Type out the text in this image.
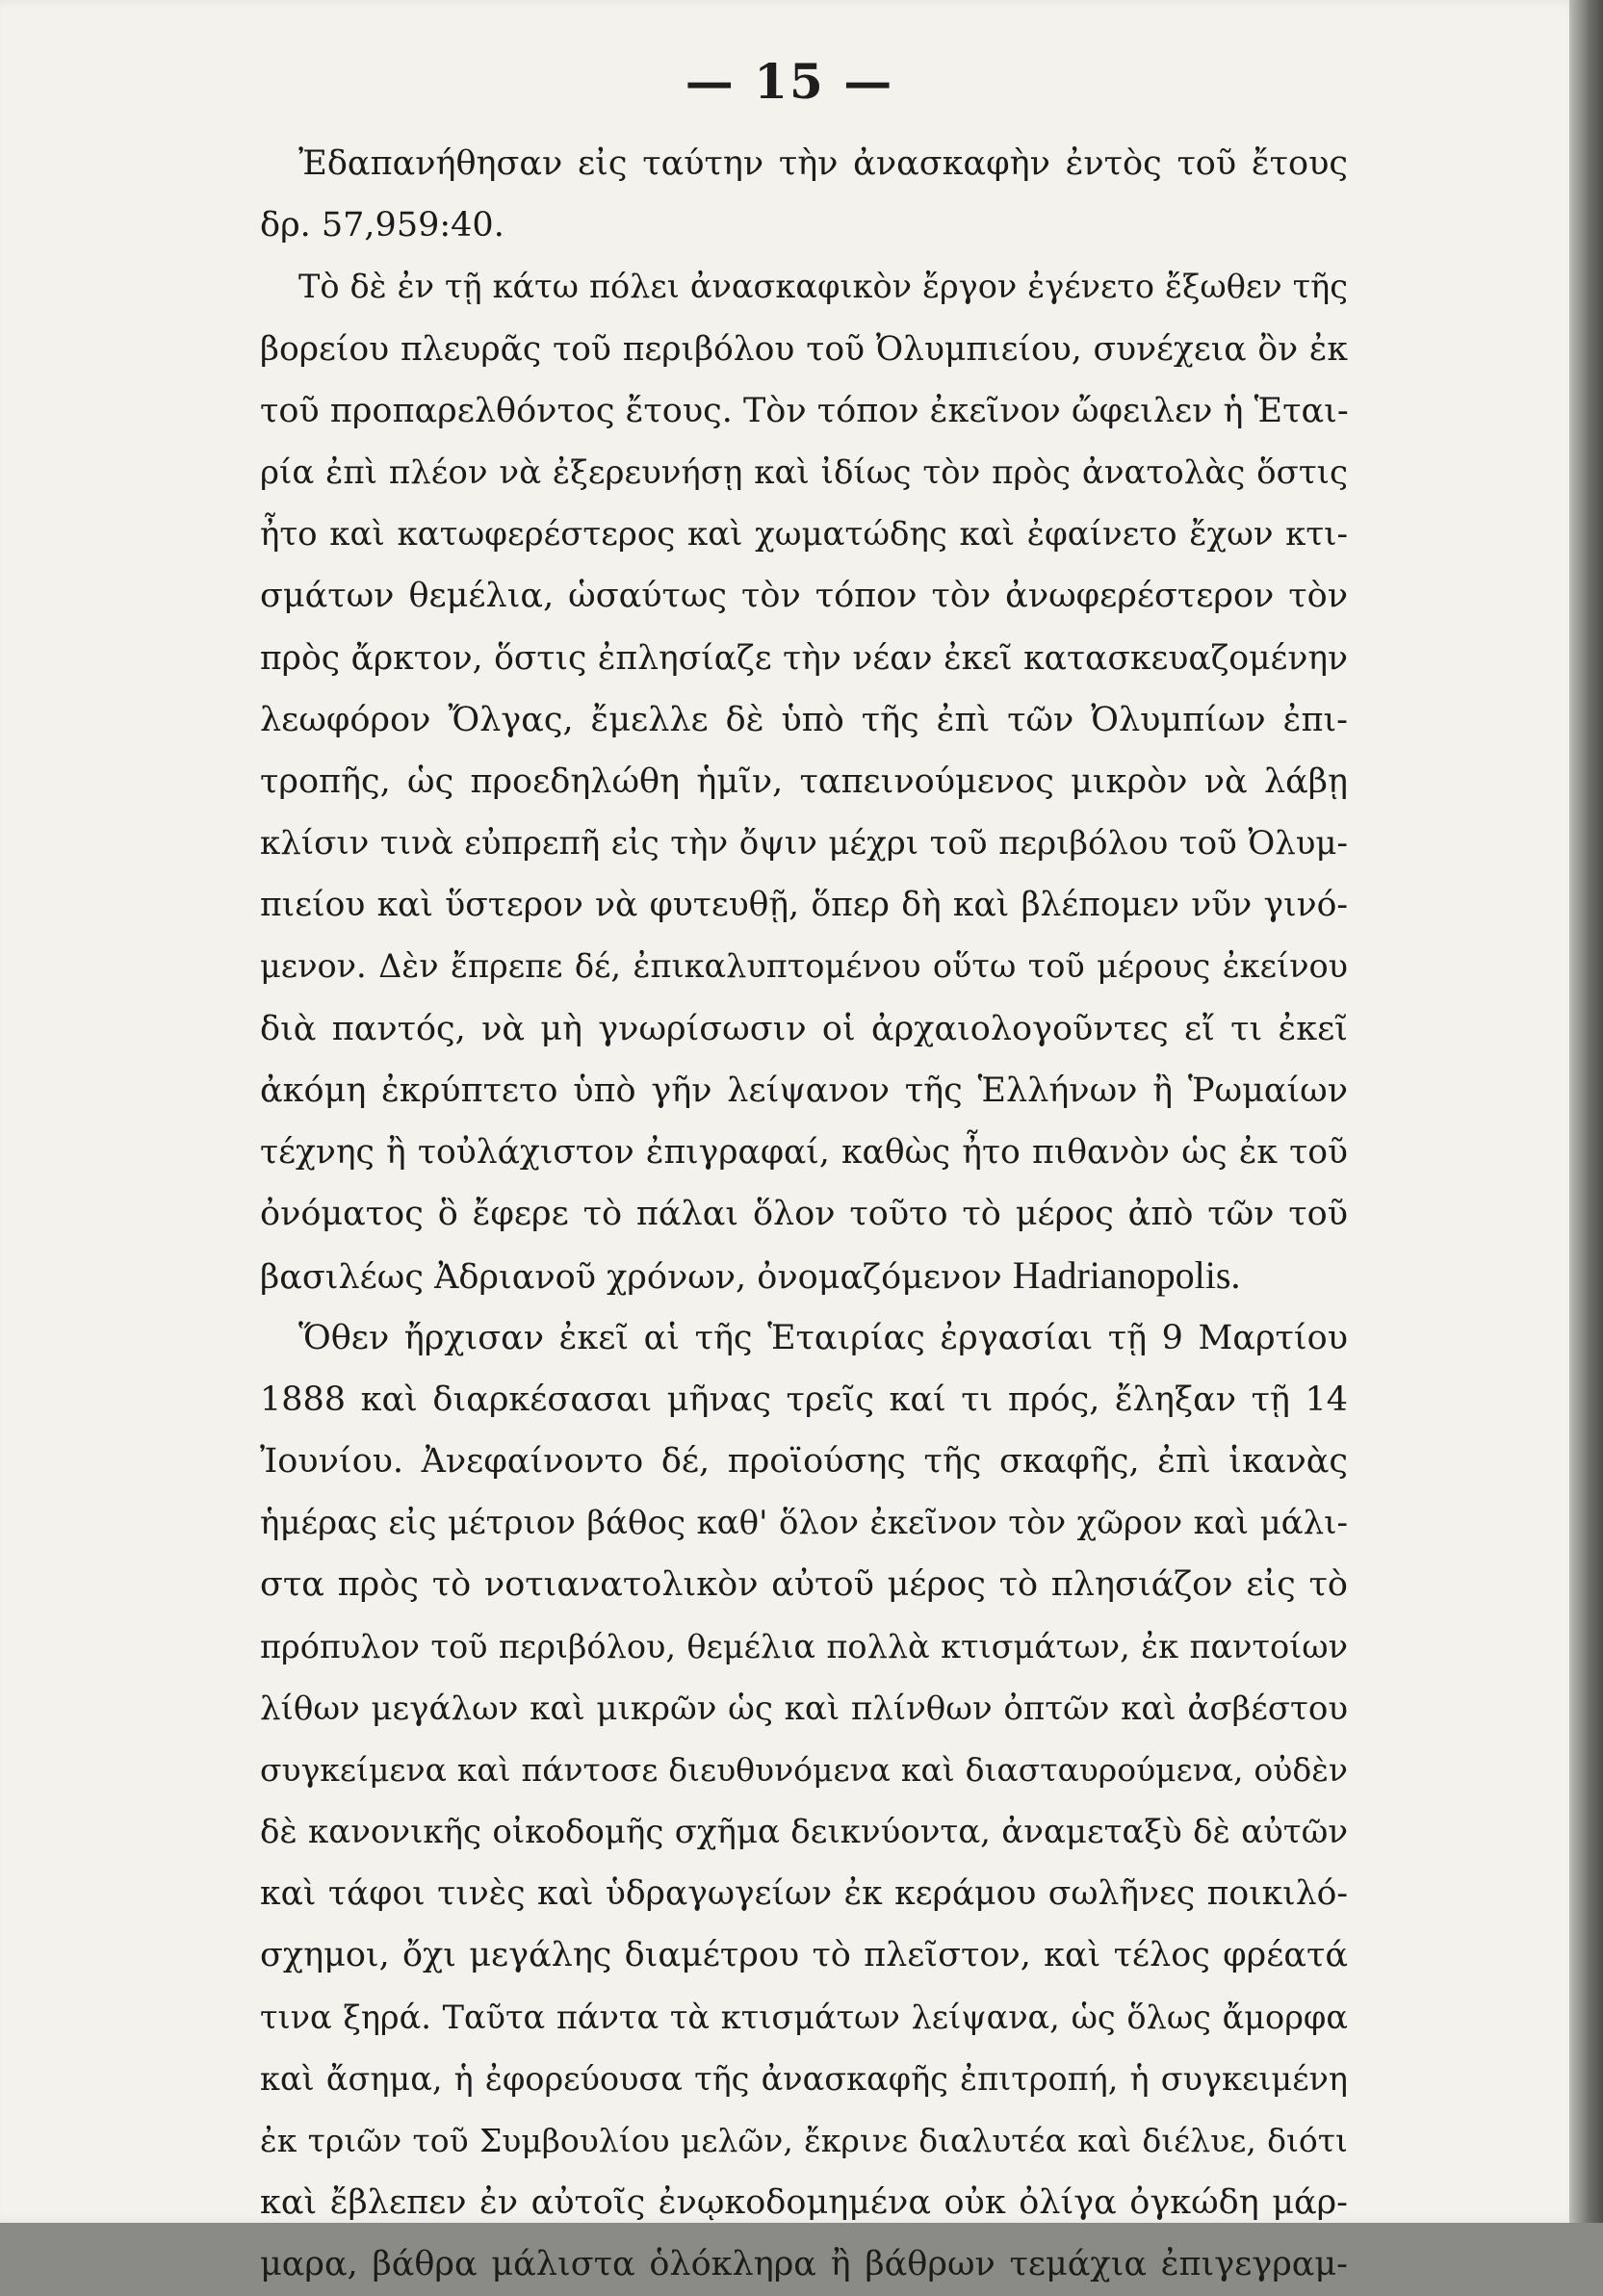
— 15 —
Ἐδαπανήθησαν εἰς ταύτην τὴν ἀνασκαφὴν ἐντὸς τοῦ ἔτους
δρ. 57,959:40.
Τὸ δὲ ἐν τῇ κάτω πόλει ἀνασκαφικὸν ἔργον ἐγένετο ἔξωθεν τῆς
βορείου πλευρᾶς τοῦ περιβόλου τοῦ Ὀλυμπιείου, συνέχεια ὂν ἐκ
τοῦ προπαρελθόντος ἔτους. Τὸν τόπον ἐκεῖνον ὤφειλεν ἡ Ἑται-
ρία ἐπὶ πλέον νὰ ἐξερευνήσῃ καὶ ἰδίως τὸν πρὸς ἀνατολὰς ὅστις
ἦτο καὶ κατωφερέστερος καὶ χωματώδης καὶ ἐφαίνετο ἔχων κτι-
σμάτων θεμέλια, ὡσαύτως τὸν τόπον τὸν ἀνωφερέστερον τὸν
πρὸς ἄρκτον, ὅστις ἐπλησίαζε τὴν νέαν ἐκεῖ κατασκευαζομένην
λεωφόρον Ὄλγας, ἔμελλε δὲ ὑπὸ τῆς ἐπὶ τῶν Ὀλυμπίων ἐπι-
τροπῆς, ὡς προεδηλώθη ἡμῖν, ταπεινούμενος μικρὸν νὰ λάβῃ
κλίσιν τινὰ εὐπρεπῆ εἰς τὴν ὄψιν μέχρι τοῦ περιβόλου τοῦ Ὀλυμ-
πιείου καὶ ὕστερον νὰ φυτευθῇ, ὅπερ δὴ καὶ βλέπομεν νῦν γινό-
μενον. Δὲν ἔπρεπε δέ, ἐπικαλυπτομένου οὕτω τοῦ μέρους ἐκείνου
διὰ παντός, νὰ μὴ γνωρίσωσιν οἱ ἀρχαιολογοῦντες εἴ τι ἐκεῖ
ἀκόμη ἐκρύπτετο ὑπὸ γῆν λείψανον τῆς Ἑλλήνων ἢ Ῥωμαίων
τέχνης ἢ τοὐλάχιστον ἐπιγραφαί, καθὼς ἦτο πιθανὸν ὡς ἐκ τοῦ
ὀνόματος ὃ ἔφερε τὸ πάλαι ὅλον τοῦτο τὸ μέρος ἀπὸ τῶν τοῦ
βασιλέως Ἀδριανοῦ χρόνων, ὀνομαζόμενον Hadrianopolis.
Ὅθεν ἤρχισαν ἐκεῖ αἱ τῆς Ἑταιρίας ἐργασίαι τῇ 9 Μαρτίου
1888 καὶ διαρκέσασαι μῆνας τρεῖς καί τι πρός, ἔληξαν τῇ 14
Ἰουνίου. Ἀνεφαίνοντο δέ, προϊούσης τῆς σκαφῆς, ἐπὶ ἱκανὰς
ἡμέρας εἰς μέτριον βάθος καθ' ὅλον ἐκεῖνον τὸν χῶρον καὶ μάλι-
στα πρὸς τὸ νοτιανατολικὸν αὐτοῦ μέρος τὸ πλησιάζον εἰς τὸ
πρόπυλον τοῦ περιβόλου, θεμέλια πολλὰ κτισμάτων, ἐκ παντοίων
λίθων μεγάλων καὶ μικρῶν ὡς καὶ πλίνθων ὀπτῶν καὶ ἀσβέστου
συγκείμενα καὶ πάντοσε διευθυνόμενα καὶ διασταυρούμενα, οὐδὲν
δὲ κανονικῆς οἰκοδομῆς σχῆμα δεικνύοντα, ἀναμεταξὺ δὲ αὐτῶν
καὶ τάφοι τινὲς καὶ ὑδραγωγείων ἐκ κεράμου σωλῆνες ποικιλό-
σχημοι, ὄχι μεγάλης διαμέτρου τὸ πλεῖστον, καὶ τέλος φρέατά
τινα ξηρά. Ταῦτα πάντα τὰ κτισμάτων λείψανα, ὡς ὅλως ἄμορφα
καὶ ἄσημα, ἡ ἐφορεύουσα τῆς ἀνασκαφῆς ἐπιτροπή, ἡ συγκειμένη
ἐκ τριῶν τοῦ Συμβουλίου μελῶν, ἔκρινε διαλυτέα καὶ διέλυε, διότι
καὶ ἔβλεπεν ἐν αὐτοῖς ἐνῳκοδομημένα οὐκ ὀλίγα ὀγκώδη μάρ-
μαρα, βάθρα μάλιστα ὁλόκληρα ἢ βάθρων τεμάχια ἐπιγεγραμ-
